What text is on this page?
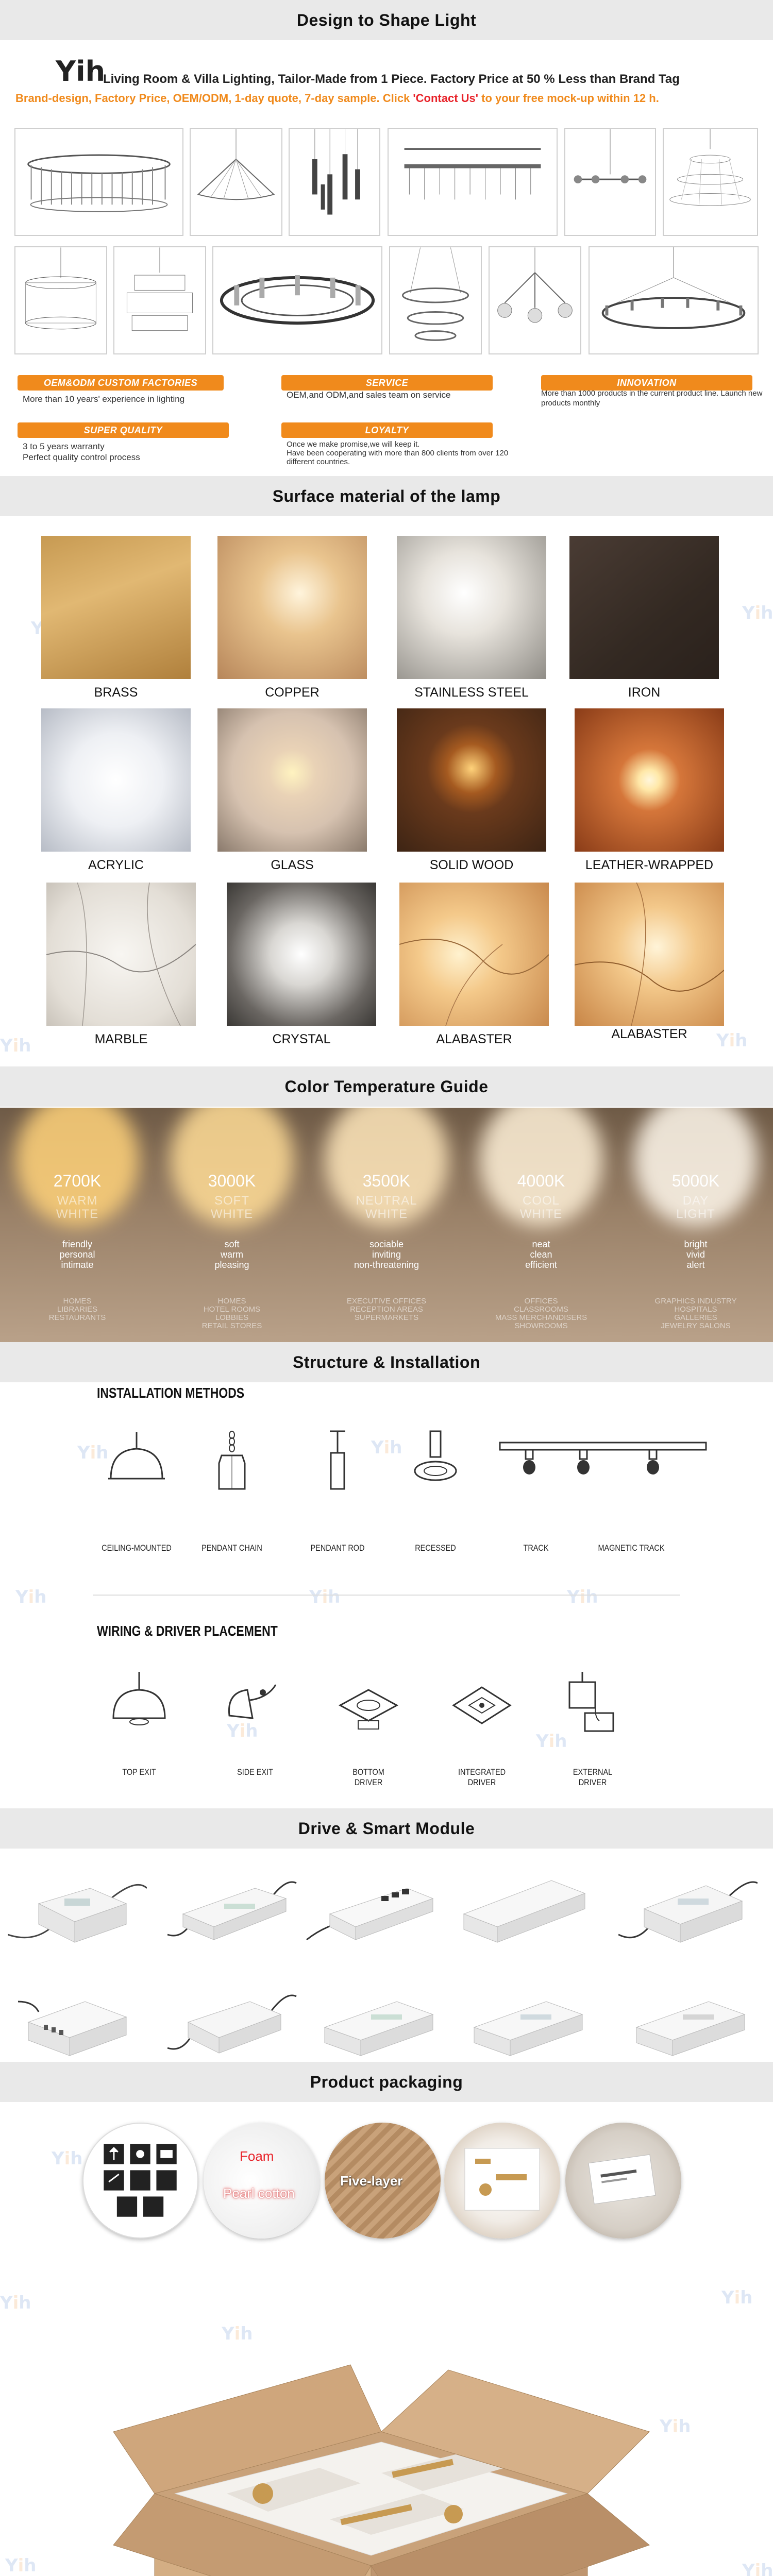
Design to Shape Light
Yih
Living Room & Villa Lighting, Tailor-Made from 1 Piece. Factory Price at 50 % Less than Brand Tag
Brand-design, Factory Price, OEM/ODM, 1-day quote, 7-day sample. Click 'Contact Us' to your free mock-up within 12 h.
OEM&ODM CUSTOM FACTORIES
More than 10 years' experience in lighting
SERVICE
OEM,and ODM,and sales team on service
INNOVATION
More than 1000 products in the current product line. Launch new products monthly
SUPER QUALITY
3 to 5 years warranty
Perfect quality control process
LOYALTY
Once we make promise,we will keep it.
Have been cooperating with more than 800 clients from over 120 different countries.
Surface material of the lamp
Y
Yih
Yih	Yih
BRASS	COPPER	STAINLESS STEEL	IRON
ACRYLIC	GLASS	SOLID WOOD	LEATHER-WRAPPED
MARBLE	CRYSTAL	ALABASTER	ALABASTER
Color Temperature Guide
2700K
WARM
WHITE
friendly
personal
intimate
HOMES
LIBRARIES
RESTAURANTS
3000K
SOFT
WHITE
soft
warm
pleasing
HOMES
HOTEL ROOMS
LOBBIES
RETAIL STORES
3500K
NEUTRAL
WHITE
sociable
inviting
non-threatening
EXECUTIVE OFFICES
RECEPTION AREAS
SUPERMARKETS
4000K
COOL
WHITE
neat
clean
efficient
OFFICES
CLASSROOMS
MASS MERCHANDISERS
SHOWROOMS
5000K
DAY
LIGHT
bright
vivid
alert
GRAPHICS INDUSTRY
HOSPITALS
GALLERIES
JEWELRY SALONS
Structure & Installation
Yih	Yih
Yih	Yih	Yih
Yih	Yih
INSTALLATION METHODS
CEILING-MOUNTED	PENDANT CHAIN	PENDANT ROD	RECESSED	TRACK	MAGNETIC TRACK
WIRING & DRIVER PLACEMENT
TOP EXIT	SIDE EXIT	BOTTOM
DRIVER
INTEGRATED
DRIVER
EXTERNAL
DRIVER
Drive & Smart Module
Product packaging
Yih
Yih
Yih
Yih
Yih
Yih	Yih
Foam
Pearl cotton
Five-layer
